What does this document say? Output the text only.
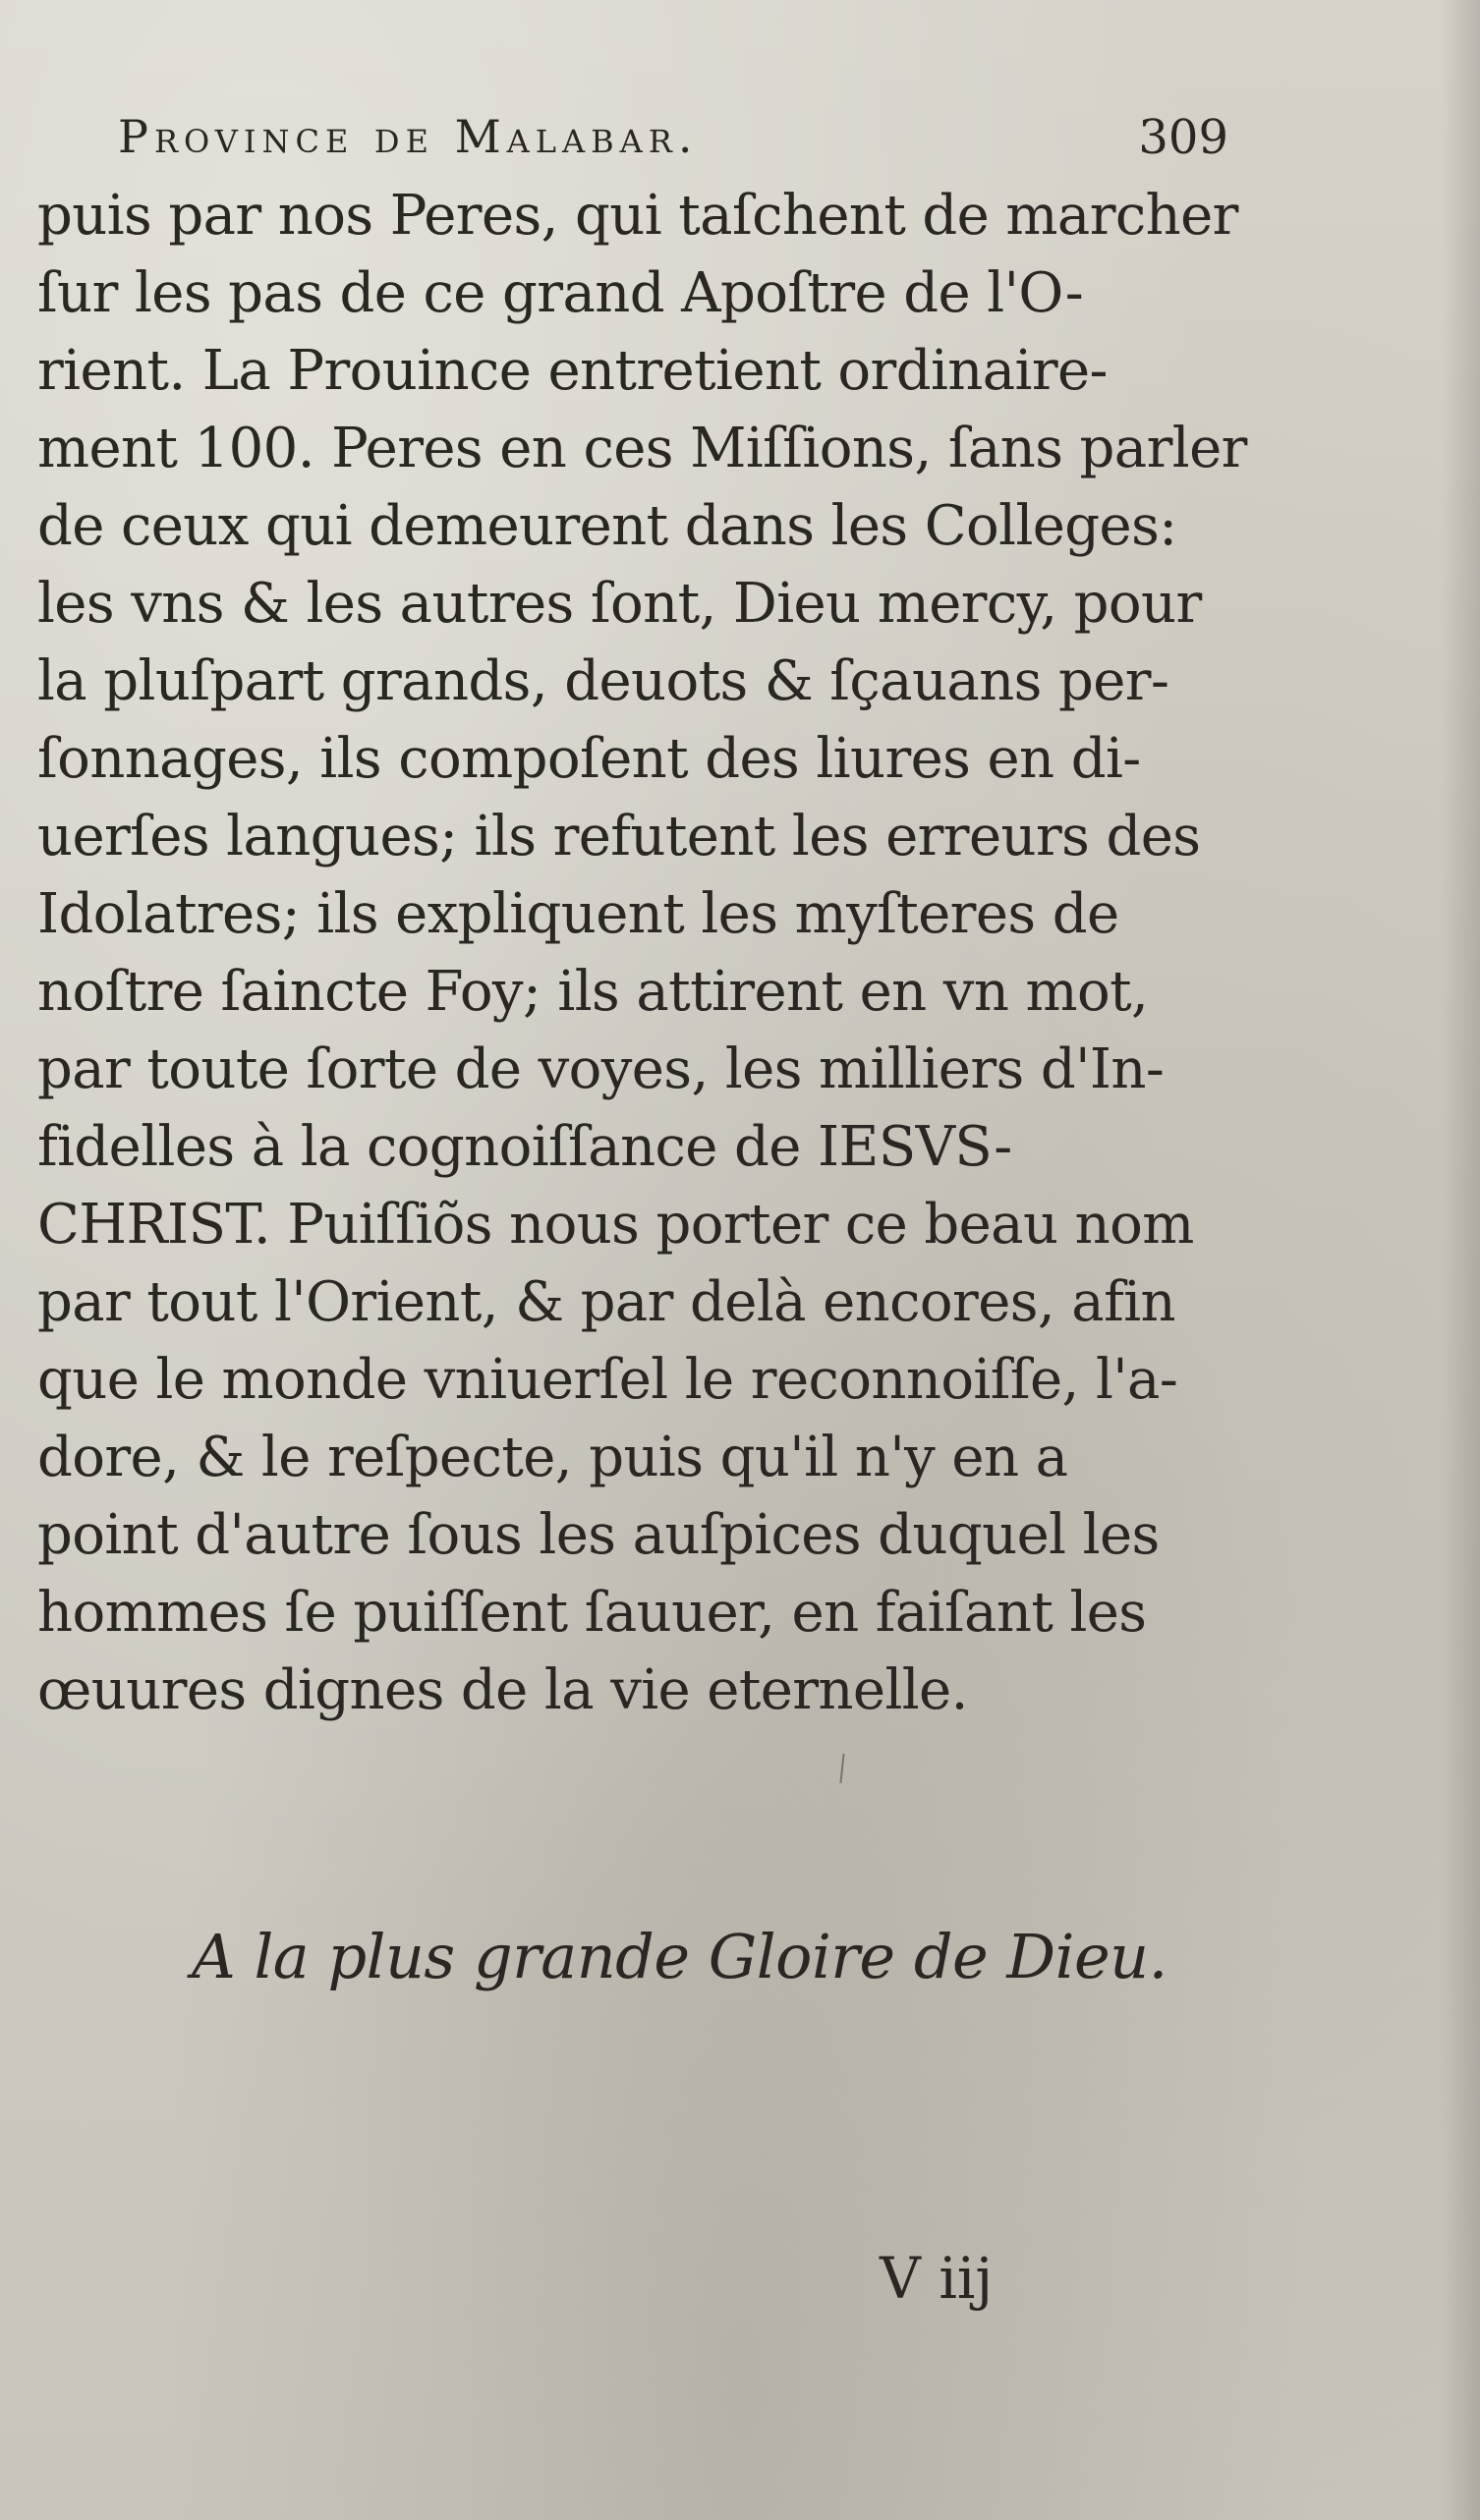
Province de Malabar.	309
puis par nos Peres, qui taſchent de marcher
ſur les pas de ce grand Apoſtre de l'O-
rient. La Prouince entretient ordinaire-
ment 100. Peres en ces Miſſions, ſans parler
de ceux qui demeurent dans les Colleges:
les vns & les autres ſont, Dieu mercy, pour
la pluſpart grands, deuots & ſçauans per-
ſonnages, ils compoſent des liures en di-
uerſes langues; ils refutent les erreurs des
Idolatres; ils expliquent les myſteres de
noſtre ſaincte Foy; ils attirent en vn mot,
par toute ſorte de voyes, les milliers d'In-
fidelles à la cognoiſſance de IESVS-
CHRIST. Puiſſiõs nous porter ce beau nom
par tout l'Orient, & par delà encores, afin
que le monde vniuerſel le reconnoiſſe, l'a-
dore, & le reſpecte, puis qu'il n'y en a
point d'autre ſous les auſpices duquel les
hommes ſe puiſſent ſauuer, en faiſant les
œuures dignes de la vie eternelle.
A la plus grande Gloire de Dieu.
V iij
